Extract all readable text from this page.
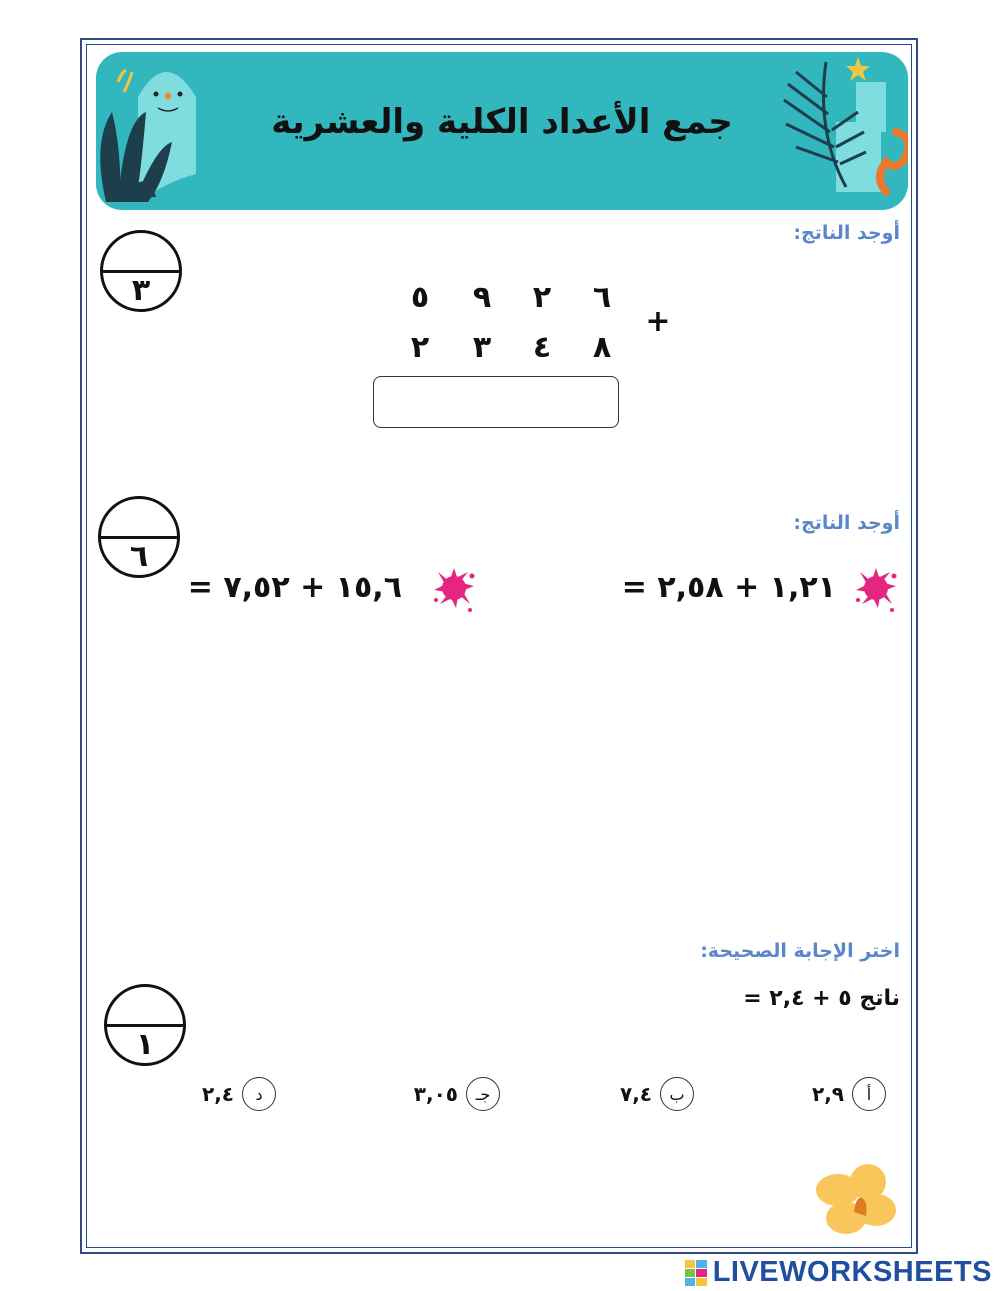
جمع الأعداد الكلية والعشرية
أوجد الناتج:
٣	٦
٢
٩
٥
+
٨
٤
٣
٢
أوجد الناتج:
٦
١,٢١ + ٢,٥٨ =
١٥,٦ + ٧,٥٢ =
اختر الإجابة الصحيحة:
١
ناتج ٥ + ٢,٤ =
أ
٢,٩
ب
٧,٤
جـ
٣,٠٥
د
٢,٤
LIVEWORKSHEETS
